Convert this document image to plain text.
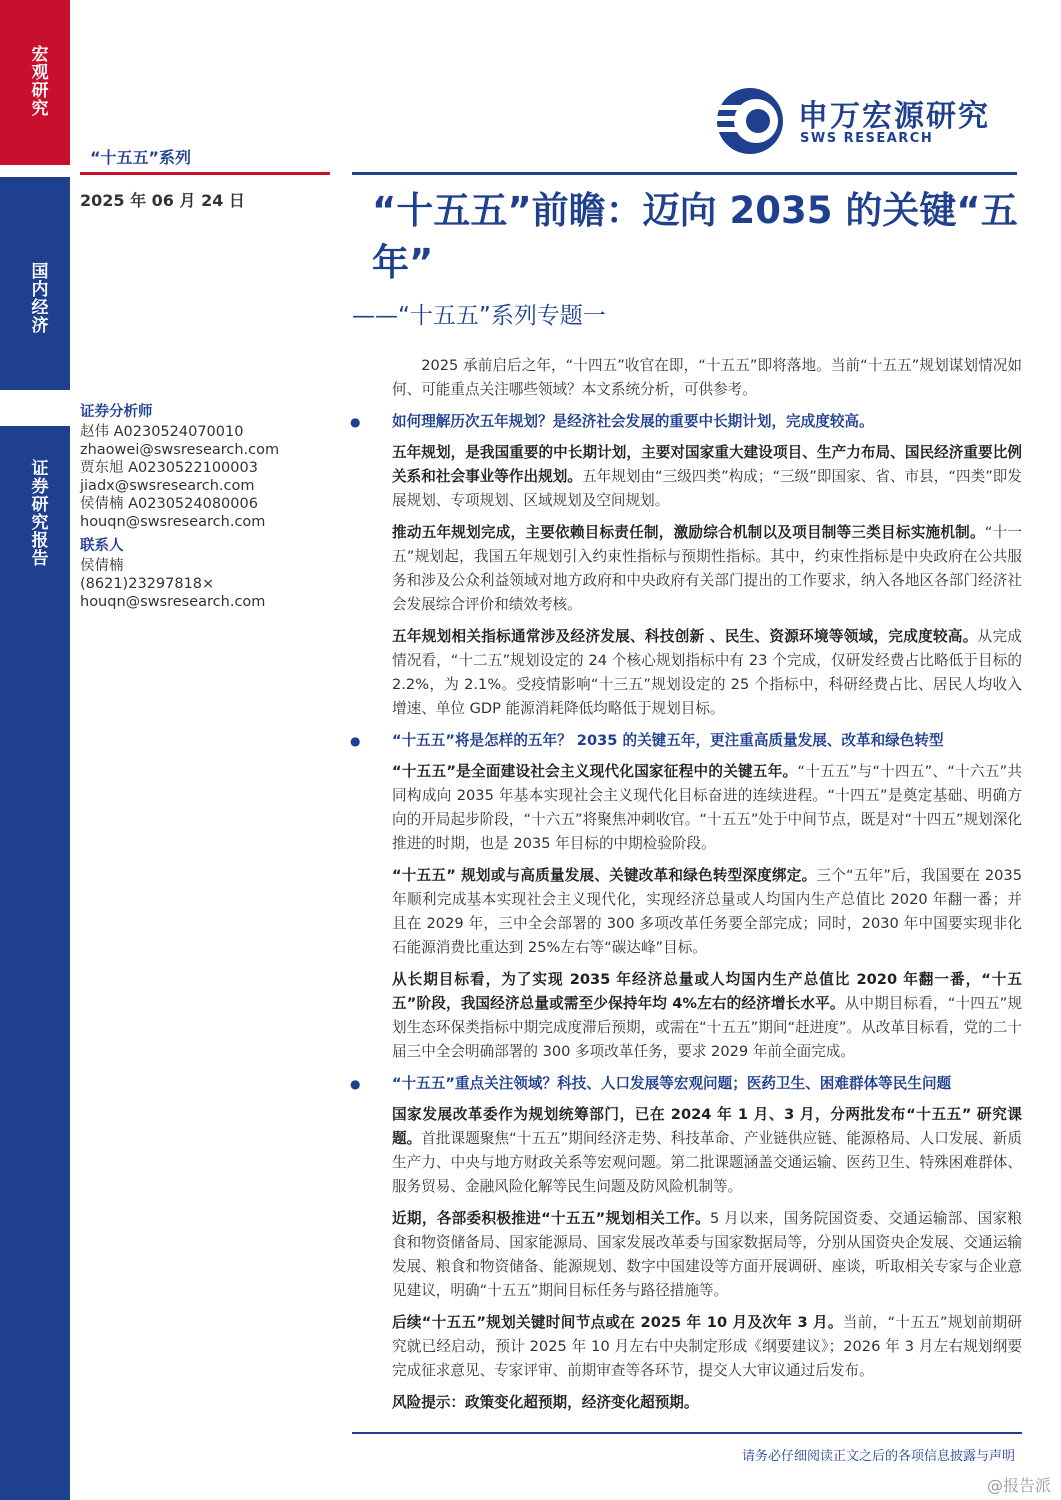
宏观研究
国内经济
证券研究报告
“十五五”系列
2025 年 06 月 24 日
申万宏源研究
SWS RESEARCH
“十五五”前瞻：迈向 2035 的关键“五年”
——“十五五”系列专题一
证券分析师
赵伟 A0230524070010
zhaowei@swsresearch.com
贾东旭 A0230522100003
jiadx@swsresearch.com
侯倩楠 A0230524080006
houqn@swsresearch.com
联系人
侯倩楠
(8621)23297818×
houqn@swsresearch.com

2025 承前启后之年，“十四五”收官在即，“十五五”即将落地。当前“十五五”规划谋划情况如何、可能重点关注哪些领域？本文系统分析，可供参考。

● 如何理解历次五年规划？是经济社会发展的重要中长期计划，完成度较高。

五年规划，是我国重要的中长期计划，主要对国家重大建设项目、生产力布局、国民经济重要比例关系和社会事业等作出规划。五年规划由“三级四类”构成；“三级”即国家、省、市县，“四类”即发展规划、专项规划、区域规划及空间规划。

推动五年规划完成，主要依赖目标责任制，激励综合机制以及项目制等三类目标实施机制。“十一五”规划起，我国五年规划引入约束性指标与预期性指标。其中，约束性指标是中央政府在公共服务和涉及公众利益领域对地方政府和中央政府有关部门提出的工作要求，纳入各地区各部门经济社会发展综合评价和绩效考核。

五年规划相关指标通常涉及经济发展、科技创新 、民生、资源环境等领域，完成度较高。从完成情况看，“十二五”规划设定的 24 个核心规划指标中有 23 个完成，仅研发经费占比略低于目标的 2.2%，为 2.1%。受疫情影响“十三五”规划设定的 25 个指标中，科研经费占比、居民人均收入增速、单位 GDP 能源消耗降低均略低于规划目标。

● “十五五”将是怎样的五年？ 2035 的关键五年，更注重高质量发展、改革和绿色转型

“十五五”是全面建设社会主义现代化国家征程中的关键五年。“十五五”与“十四五”、“十六五”共同构成向 2035 年基本实现社会主义现代化目标奋进的连续进程。“十四五”是奠定基础、明确方向的开局起步阶段，“十六五”将聚焦冲刺收官。“十五五”处于中间节点，既是对“十四五”规划深化推进的时期，也是 2035 年目标的中期检验阶段。

“十五五” 规划或与高质量发展、关键改革和绿色转型深度绑定。三个“五年”后，我国要在 2035 年顺利完成基本实现社会主义现代化，实现经济总量或人均国内生产总值比 2020 年翻一番；并且在 2029 年，三中全会部署的 300 多项改革任务要全部完成；同时，2030 年中国要实现非化石能源消费比重达到 25%左右等“碳达峰”目标。

从长期目标看，为了实现 2035 年经济总量或人均国内生产总值比 2020 年翻一番，“十五五”阶段，我国经济总量或需至少保持年均 4%左右的经济增长水平。从中期目标看，“十四五”规划生态环保类指标中期完成度滞后预期，或需在“十五五”期间“赶进度”。从改革目标看，党的二十届三中全会明确部署的 300 多项改革任务，要求 2029 年前全面完成。

● “十五五”重点关注领域？科技、人口发展等宏观问题；医药卫生、困难群体等民生问题

国家发展改革委作为规划统筹部门，已在 2024 年 1 月、3 月，分两批发布“十五五” 研究课题。首批课题聚焦“十五五”期间经济走势、科技革命、产业链供应链、能源格局、人口发展、新质生产力、中央与地方财政关系等宏观问题。第二批课题涵盖交通运输、医药卫生、特殊困难群体、服务贸易、金融风险化解等民生问题及防风险机制等。

近期，各部委积极推进“十五五”规划相关工作。5 月以来，国务院国资委、交通运输部、国家粮食和物资储备局、国家能源局、国家发展改革委与国家数据局等，分别从国资央企发展、交通运输发展、粮食和物资储备、能源规划、数字中国建设等方面开展调研、座谈，听取相关专家与企业意见建议，明确“十五五”期间目标任务与路径措施等。

后续“十五五”规划关键时间节点或在 2025 年 10 月及次年 3 月。当前，“十五五”规划前期研究就已经启动，预计 2025 年 10 月左右中央制定形成《纲要建议》；2026 年 3 月左右规划纲要完成征求意见、专家评审、前期审查等各环节，提交人大审议通过后发布。

风险提示：政策变化超预期，经济变化超预期。

请务必仔细阅读正文之后的各项信息披露与声明
@报告派
